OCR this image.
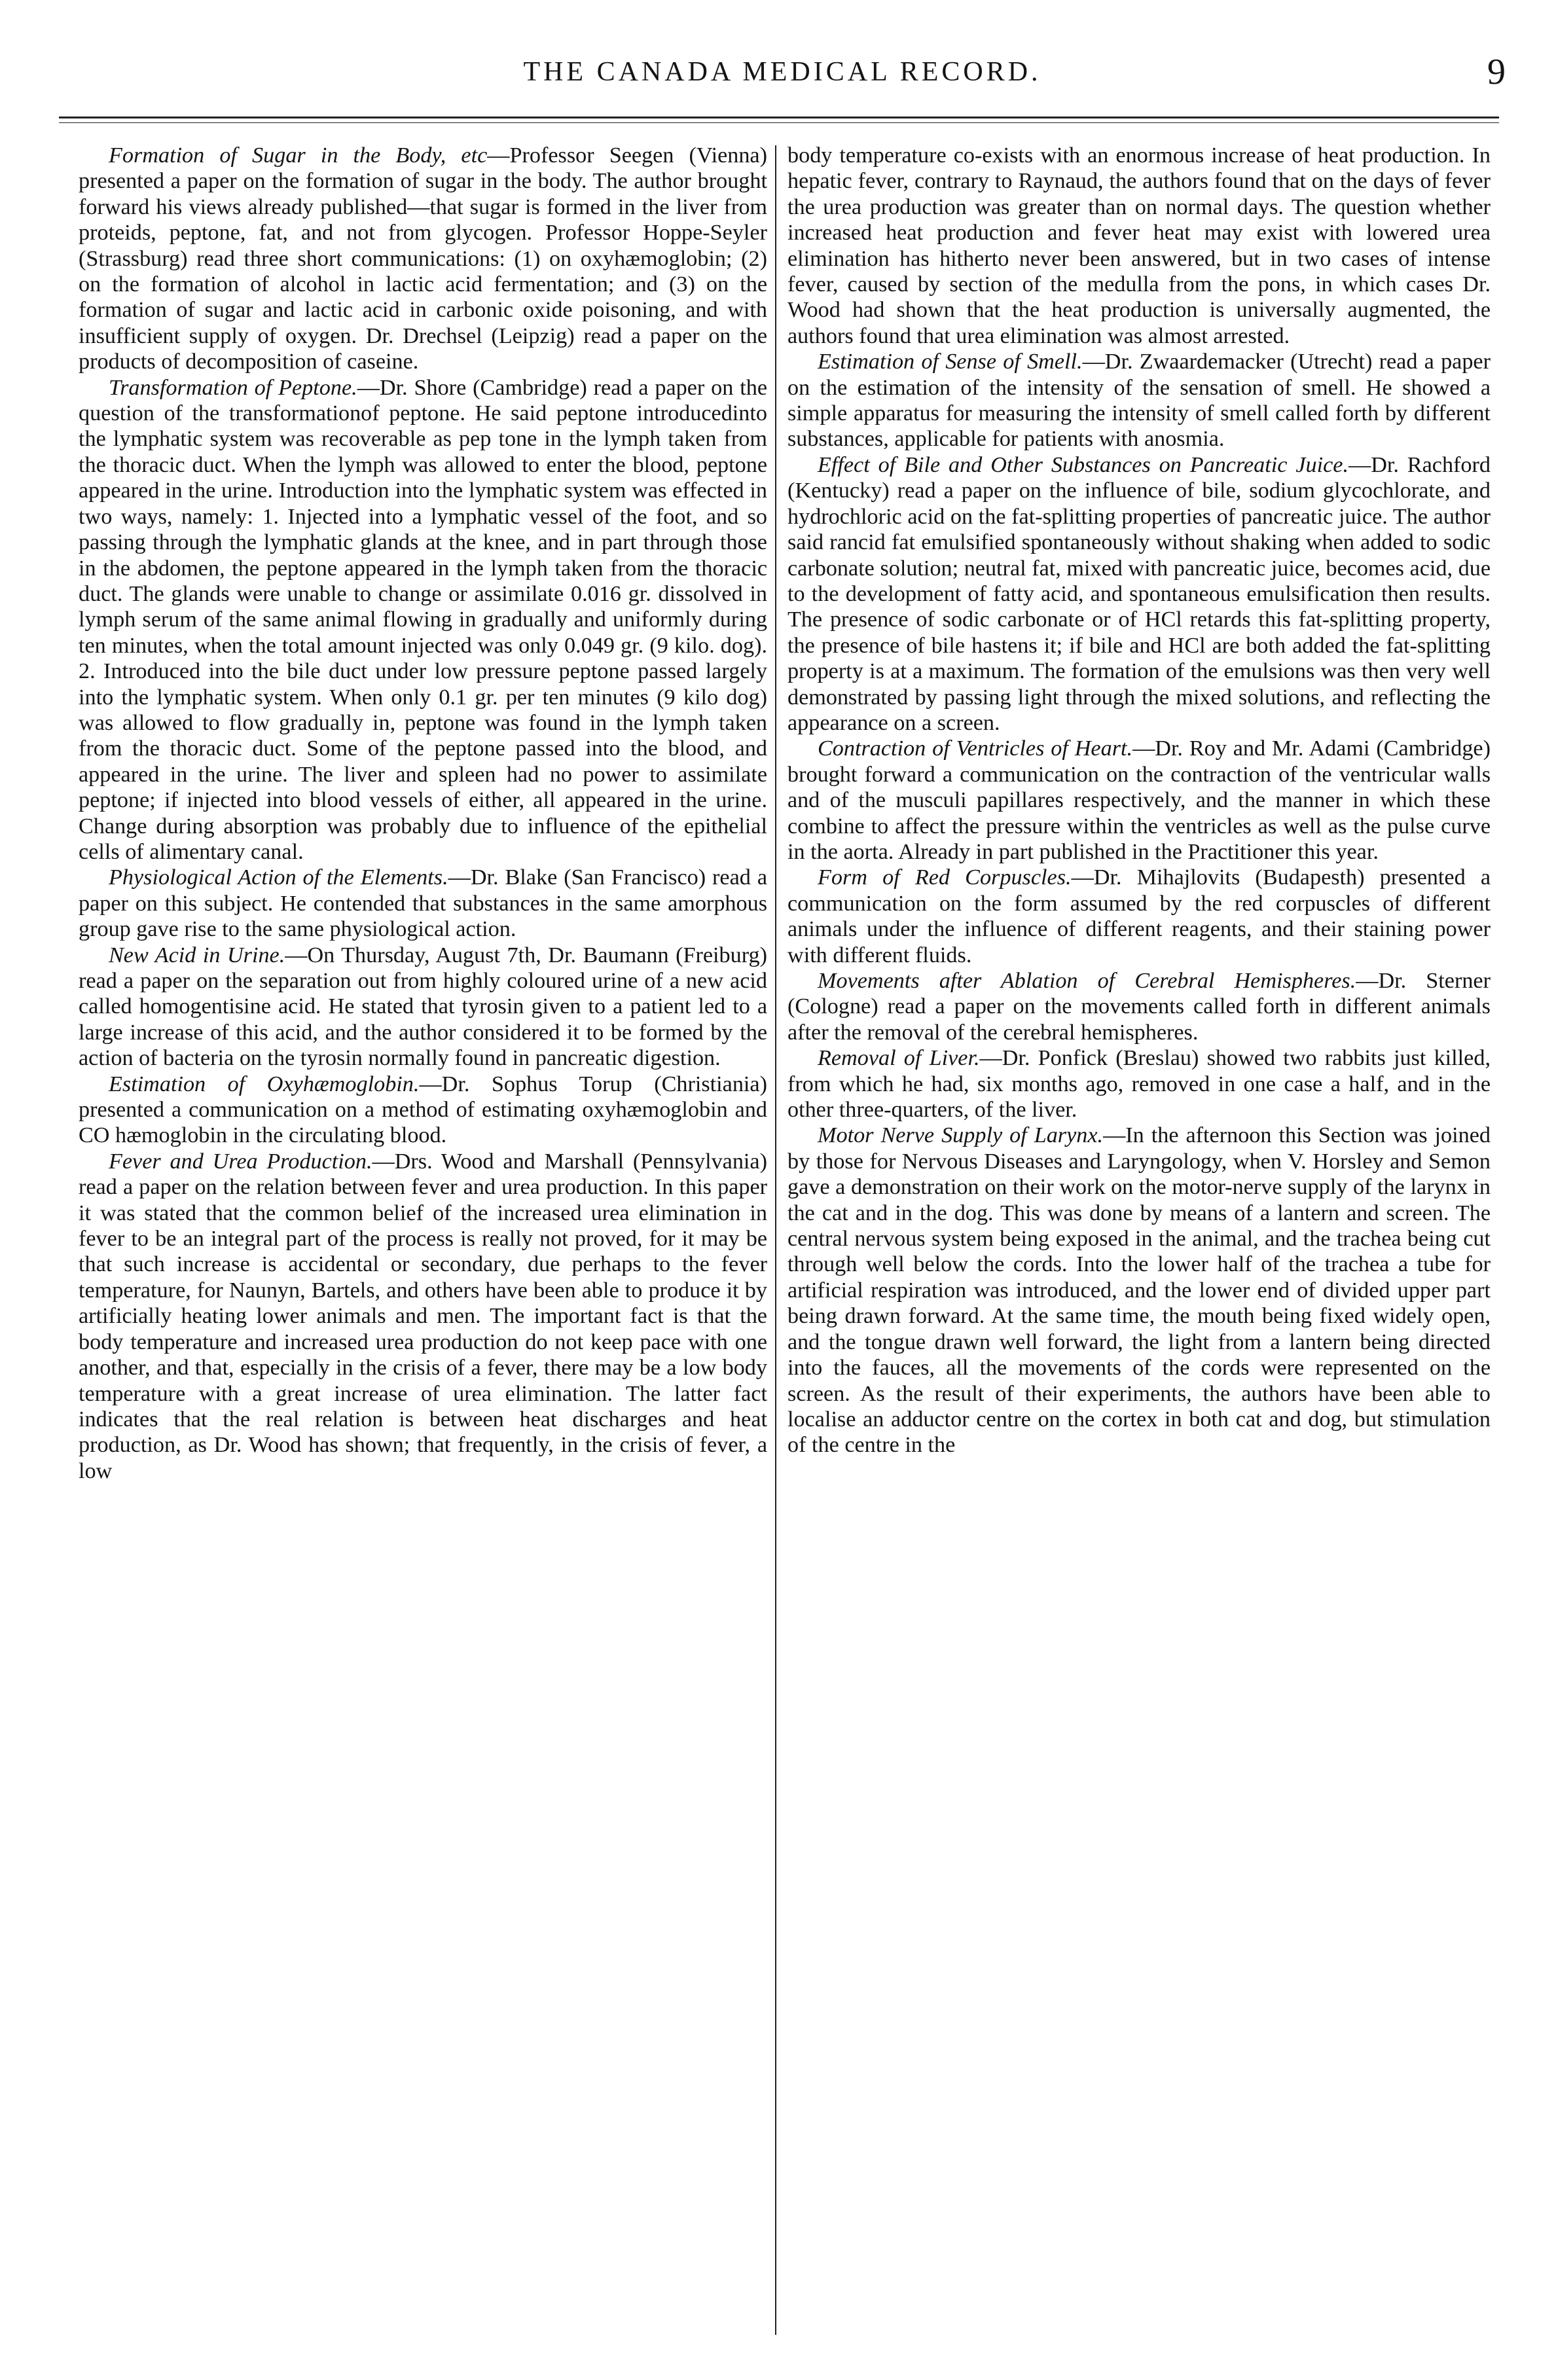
THE CANADA MEDICAL RECORD.	9

Formation of Sugar in the Body, etc—Professor Seegen (Vienna) presented a paper on the formation of sugar in the body. The author brought forward his views already published—that sugar is formed in the liver from proteids, peptone, fat, and not from glycogen. Professor Hoppe-Seyler (Strassburg) read three short communications: (1) on oxyhæmoglobin; (2) on the formation of alcohol in lactic acid fermentation; and (3) on the formation of sugar and lactic acid in carbonic oxide poisoning, and with insufficient supply of oxygen. Dr. Drechsel (Leipzig) read a paper on the products of decomposition of caseine.

Transformation of Peptone.—Dr. Shore (Cambridge) read a paper on the question of the transformationof peptone. He said peptone introducedinto the lymphatic system was recoverable as pep tone in the lymph taken from the thoracic duct. When the lymph was allowed to enter the blood, peptone appeared in the urine. Introduction into the lymphatic system was effected in two ways, namely: 1. Injected into a lymphatic vessel of the foot, and so passing through the lymphatic glands at the knee, and in part through those in the abdomen, the peptone appeared in the lymph taken from the thoracic duct. The glands were unable to change or assimilate 0.016 gr. dissolved in lymph serum of the same animal flowing in gradually and uniformly during ten minutes, when the total amount injected was only 0.049 gr. (9 kilo. dog). 2. Introduced into the bile duct under low pressure peptone passed largely into the lymphatic system. When only 0.1 gr. per ten minutes (9 kilo dog) was allowed to flow gradually in, peptone was found in the lymph taken from the thoracic duct. Some of the peptone passed into the blood, and appeared in the urine. The liver and spleen had no power to assimilate peptone; if injected into blood vessels of either, all appeared in the urine. Change during absorption was probably due to influence of the epithelial cells of alimentary canal.

Physiological Action of the Elements.—Dr. Blake (San Francisco) read a paper on this subject. He contended that substances in the same amorphous group gave rise to the same physiological action.

New Acid in Urine.—On Thursday, August 7th, Dr. Baumann (Freiburg) read a paper on the separation out from highly coloured urine of a new acid called homogentisine acid. He stated that tyrosin given to a patient led to a large increase of this acid, and the author considered it to be formed by the action of bacteria on the tyrosin normally found in pancreatic digestion.

Estimation of Oxyhæmoglobin.—Dr. Sophus Torup (Christiania) presented a communication on a method of estimating oxyhæmoglobin and CO hæmoglobin in the circulating blood.

Fever and Urea Production.—Drs. Wood and Marshall (Pennsylvania) read a paper on the relation between fever and urea production. In this paper it was stated that the common belief of the increased urea elimination in fever to be an integral part of the process is really not proved, for it may be that such increase is accidental or secondary, due perhaps to the fever temperature, for Naunyn, Bartels, and others have been able to produce it by artificially heating lower animals and men. The important fact is that the body temperature and increased urea production do not keep pace with one another, and that, especially in the crisis of a fever, there may be a low body temperature with a great increase of urea elimination. The latter fact indicates that the real relation is between heat discharges and heat production, as Dr. Wood has shown; that frequently, in the crisis of fever, a low

body temperature co-exists with an enormous increase of heat production. In hepatic fever, contrary to Raynaud, the authors found that on the days of fever the urea production was greater than on normal days. The question whether increased heat production and fever heat may exist with lowered urea elimination has hitherto never been answered, but in two cases of intense fever, caused by section of the medulla from the pons, in which cases Dr. Wood had shown that the heat production is universally augmented, the authors found that urea elimination was almost arrested.

Estimation of Sense of Smell.—Dr. Zwaardemacker (Utrecht) read a paper on the estimation of the intensity of the sensation of smell. He showed a simple apparatus for measuring the intensity of smell called forth by different substances, applicable for patients with anosmia.

Effect of Bile and Other Substances on Pancreatic Juice.—Dr. Rachford (Kentucky) read a paper on the influence of bile, sodium glycochlorate, and hydrochloric acid on the fat-splitting properties of pancreatic juice. The author said rancid fat emulsified spontaneously without shaking when added to sodic carbonate solution; neutral fat, mixed with pancreatic juice, becomes acid, due to the development of fatty acid, and spontaneous emulsification then results. The presence of sodic carbonate or of HCl retards this fat-splitting property, the presence of bile hastens it; if bile and HCl are both added the fat-splitting property is at a maximum. The formation of the emulsions was then very well demonstrated by passing light through the mixed solutions, and reflecting the appearance on a screen.

Contraction of Ventricles of Heart.—Dr. Roy and Mr. Adami (Cambridge) brought forward a communication on the contraction of the ventricular walls and of the musculi papillares respectively, and the manner in which these combine to affect the pressure within the ventricles as well as the pulse curve in the aorta. Already in part published in the Practitioner this year.

Form of Red Corpuscles.—Dr. Mihajlovits (Budapesth) presented a communication on the form assumed by the red corpuscles of different animals under the influence of different reagents, and their staining power with different fluids.

Movements after Ablation of Cerebral Hemispheres.—Dr. Sterner (Cologne) read a paper on the movements called forth in different animals after the removal of the cerebral hemispheres.

Removal of Liver.—Dr. Ponfick (Breslau) showed two rabbits just killed, from which he had, six months ago, removed in one case a half, and in the other three-quarters, of the liver.

Motor Nerve Supply of Larynx.—In the afternoon this Section was joined by those for Nervous Diseases and Laryngology, when V. Horsley and Semon gave a demonstration on their work on the motor-nerve supply of the larynx in the cat and in the dog. This was done by means of a lantern and screen. The central nervous system being exposed in the animal, and the trachea being cut through well below the cords. Into the lower half of the trachea a tube for artificial respiration was introduced, and the lower end of divided upper part being drawn forward. At the same time, the mouth being fixed widely open, and the tongue drawn well forward, the light from a lantern being directed into the fauces, all the movements of the cords were represented on the screen. As the result of their experiments, the authors have been able to localise an adductor centre on the cortex in both cat and dog, but stimulation of the centre in the
